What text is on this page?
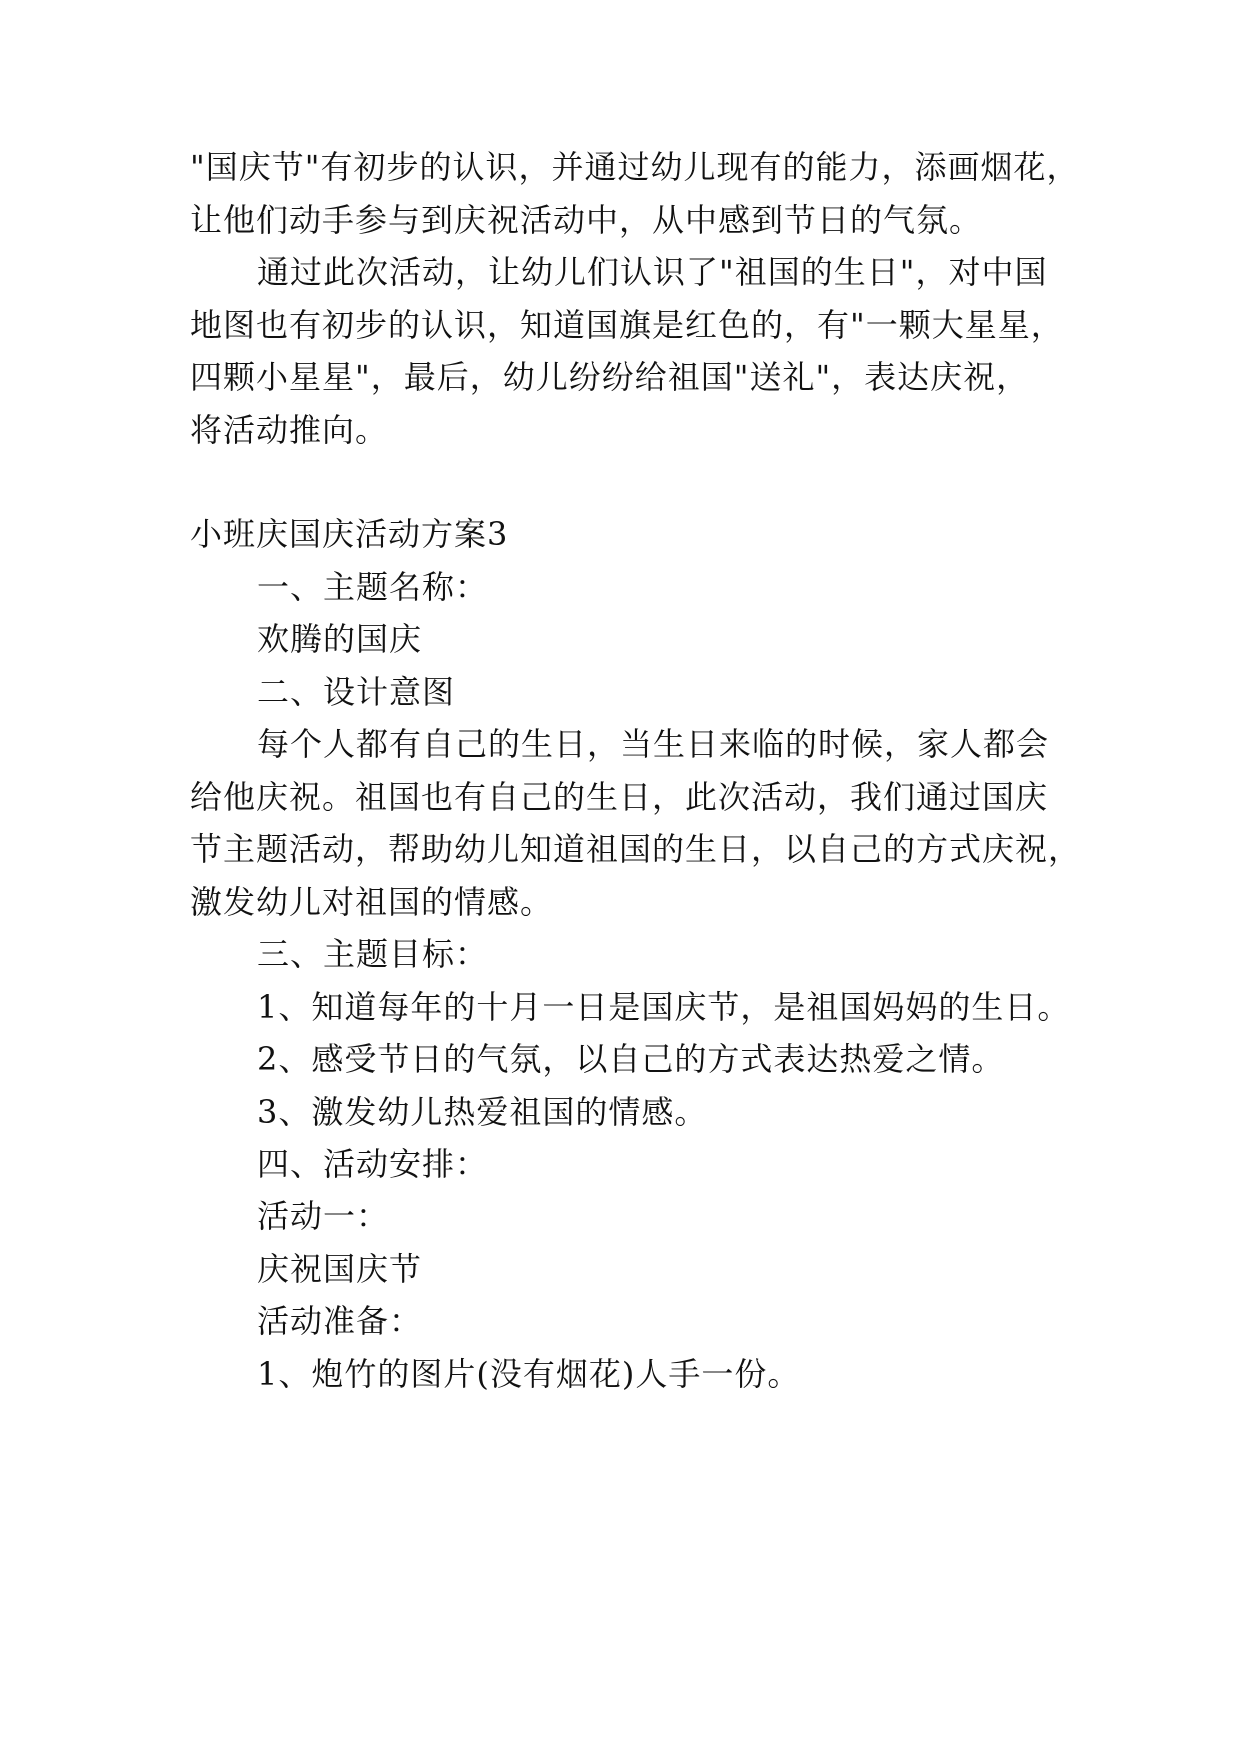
"国庆节"有初步的认识，并通过幼儿现有的能力，添画烟花，
让他们动手参与到庆祝活动中，从中感到节日的气氛。
通过此次活动，让幼儿们认识了"祖国的生日"，对中国
地图也有初步的认识，知道国旗是红色的，有"一颗大星星，
四颗小星星"，最后，幼儿纷纷给祖国"送礼"，表达庆祝，
将活动推向。
小班庆国庆活动方案3
一、主题名称：
欢腾的国庆
二、设计意图
每个人都有自己的生日，当生日来临的时候，家人都会
给他庆祝。祖国也有自己的生日，此次活动，我们通过国庆
节主题活动，帮助幼儿知道祖国的生日，以自己的方式庆祝，
激发幼儿对祖国的情感。
三、主题目标：
1、知道每年的十月一日是国庆节，是祖国妈妈的生日。
2、感受节日的气氛，以自己的方式表达热爱之情。
3、激发幼儿热爱祖国的情感。
四、活动安排：
活动一：
庆祝国庆节
活动准备：
1、炮竹的图片(没有烟花)人手一份。
